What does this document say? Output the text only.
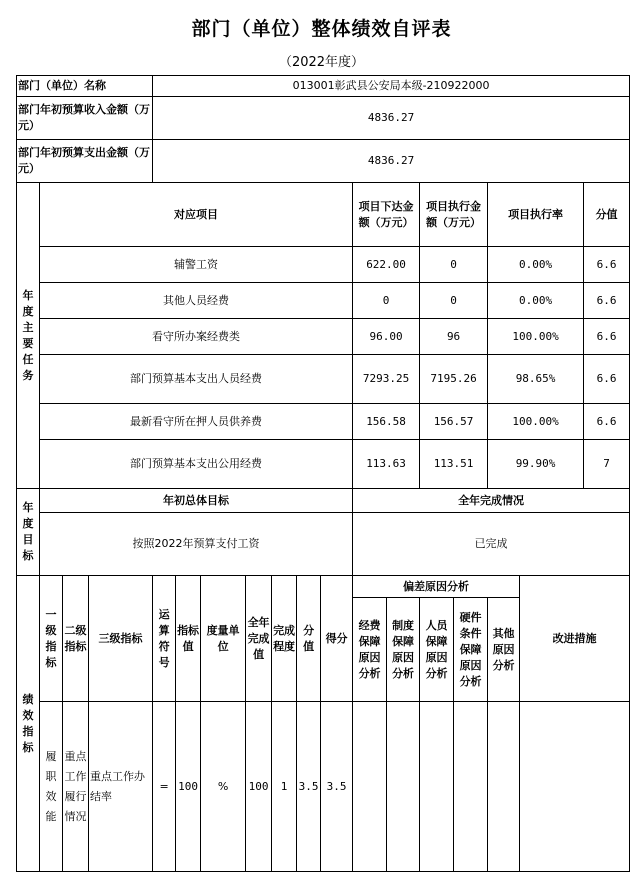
部门（单位）整体绩效自评表
（2022年度）
部门（单位）名称				013001彰武县公安局本级-210922000														
部门年初预算收入金额（万元）				4836.27														
部门年初预算支出金额（万元）				4836.27														
年度主要任务	对应项目										项目下达金额（万元）		项目执行金额（万元）		项目执行率		分值	
	辅警工资										622.00		0		0.00%		6.6	
	其他人员经费										0		0		0.00%		6.6	
	看守所办案经费类										96.00		96		100.00%		6.6	
	部门预算基本支出人员经费										7293.25		7195.26		98.65%		6.6	
	最新看守所在押人员供养费										156.58		156.57		100.00%		6.6	
	部门预算基本支出公用经费										113.63		113.51		99.90%		7	
年度目标	年初总体目标										全年完成情况							
	按照2022年预算支付工资										已完成							
绩效指标	一级指标	二级指标	三级指标	运算符号	指标值	度量单位	全年完成值	完成程度	分值	得分	偏差原因分析					改进措施		
											经费保障原因分析	制度保障原因分析	人员保障原因分析	硬件条件保障原因分析	其他原因分析			
	履职效能	重点工作履行情况	重点工作办结率	=	100	%	100	1	3.5	3.5								
